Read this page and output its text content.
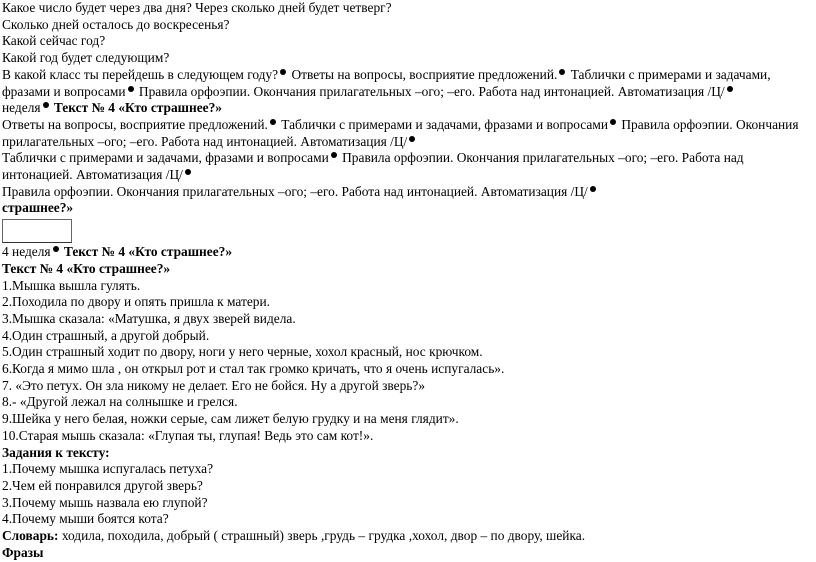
Какое число будет через два дня? Через сколько дней будет четверг?
Сколько дней осталось до воскресенья?
Какой сейчас год?
Какой год будет следующим?
В какой класс ты перейдешь в следующем году? Ответы на вопросы, восприятие предложений. Таблички с примерами и задачами, фразами и вопросами Правила орфоэпии. Окончания прилагательных –ого; –его. Работа над интонацией. Автоматизация /Ц/
неделя Текст № 4 «Кто страшнее?»
Ответы на вопросы, восприятие предложений. Таблички с примерами и задачами, фразами и вопросами Правила орфоэпии. Окончания прилагательных –ого; –его. Работа над интонацией. Автоматизация /Ц/
Таблички с примерами и задачами, фразами и вопросами Правила орфоэпии. Окончания прилагательных –ого; –его. Работа над интонацией. Автоматизация /Ц/
Правила орфоэпии. Окончания прилагательных –ого; –его. Работа над интонацией. Автоматизация /Ц/
страшнее?»
4 неделя Текст № 4 «Кто страшнее?»
Текст № 4 «Кто страшнее?»
1.Мышка вышла гулять.
2.Походила по двору и опять пришла к матери.
3.Мышка сказала: «Матушка, я двух зверей видела.
4.Один страшный, а другой добрый.
5.Один страшный ходит по двору, ноги у него черные, хохол красный, нос крючком.
6.Когда я мимо шла , он открыл рот и стал так громко кричать, что я очень испугалась».
7. «Это петух. Он зла никому не делает. Его не бойся. Ну а другой зверь?»
8.- «Другой лежал на солнышке и грелся.
9.Шейка у него белая, ножки серые, сам лижет белую грудку и на меня глядит».
10.Старая мышь сказала: «Глупая ты, глупая! Ведь это сам кот!».
Задания к тексту:
1.Почему мышка испугалась петуха?
2.Чем ей понравился другой зверь?
3.Почему мышь назвала ею глупой?
4.Почему мыши боятся кота?
Словарь: ходила, походила, добрый ( страшный) зверь ,грудь – грудка ,хохол, двор – по двору, шейка.
Фразы
